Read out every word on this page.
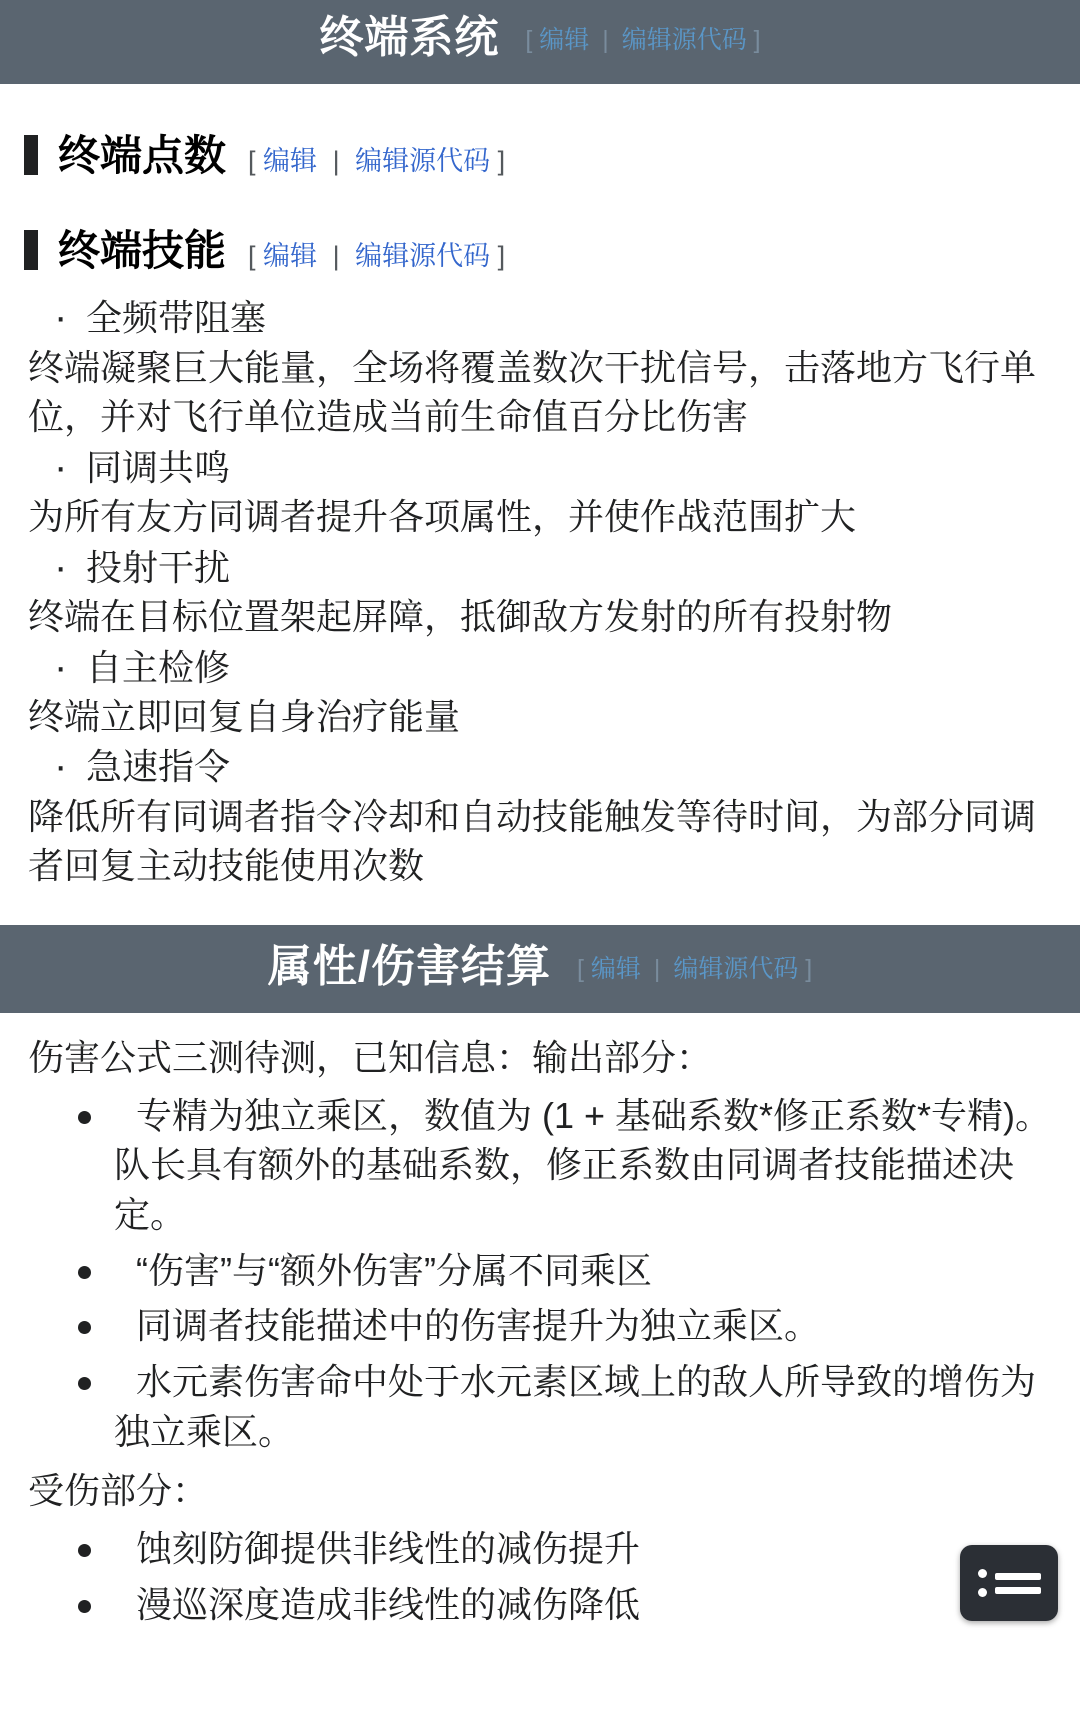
终端系统 [ 编辑 | 编辑源代码 ]
终端点数 [ 编辑 | 编辑源代码 ]
终端技能 [ 编辑 | 编辑源代码 ]
· 全频带阻塞
终端凝聚巨大能量，全场将覆盖数次干扰信号，击落地方飞行单位，并对飞行单位造成当前生命值百分比伤害
· 同调共鸣
为所有友方同调者提升各项属性，并使作战范围扩大
· 投射干扰
终端在目标位置架起屏障，抵御敌方发射的所有投射物
· 自主检修
终端立即回复自身治疗能量
· 急速指令
降低所有同调者指令冷却和自动技能触发等待时间，为部分同调者回复主动技能使用次数
属性/伤害结算 [ 编辑 | 编辑源代码 ]

伤害公式三测待测，已知信息：输出部分：

专精为独立乘区，数值为 (1 + 基础系数*修正系数*专精)。队长具有额外的基础系数，修正系数由同调者技能描述决定。
“伤害”与“额外伤害”分属不同乘区
同调者技能描述中的伤害提升为独立乘区。
水元素伤害命中处于水元素区域上的敌人所导致的增伤为独立乘区。

受伤部分：

蚀刻防御提供非线性的减伤提升
漫巡深度造成非线性的减伤降低
